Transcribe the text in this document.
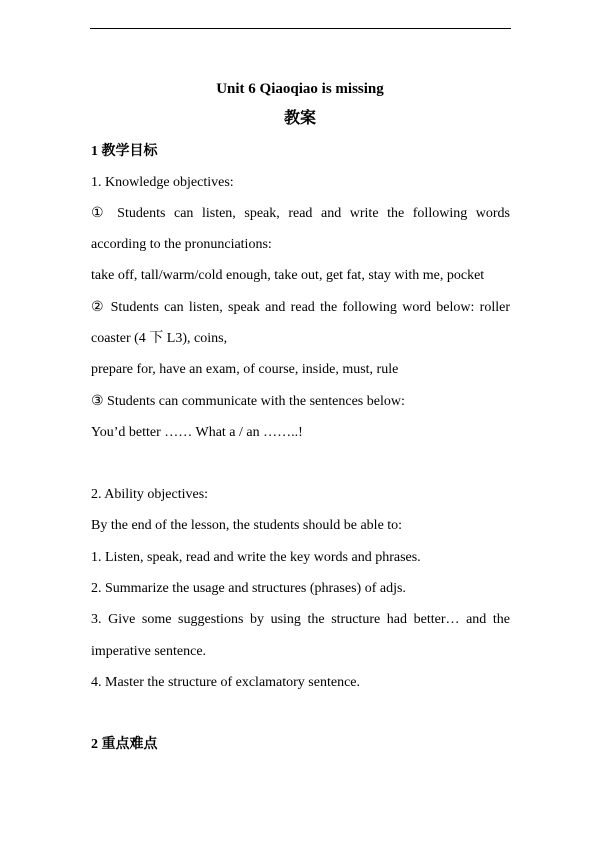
Unit 6 Qiaoqiao is missing
教案
1 教学目标
1. Knowledge objectives:
① Students can listen, speak, read and write the following words
according to the pronunciations:
take off, tall/warm/cold enough, take out, get fat, stay with me, pocket
② Students can listen, speak and read the following word below: roller
coaster (4 下 L3), coins,
prepare for, have an exam, of course, inside, must, rule
③ Students can communicate with the sentences below:
You’d better …… What a / an ……..!
2. Ability objectives:
By the end of the lesson, the students should be able to:
1. Listen, speak, read and write the key words and phrases.
2. Summarize the usage and structures (phrases) of adjs.
3. Give some suggestions by using the structure had better… and the
imperative sentence.
4. Master the structure of exclamatory sentence.
2 重点难点
